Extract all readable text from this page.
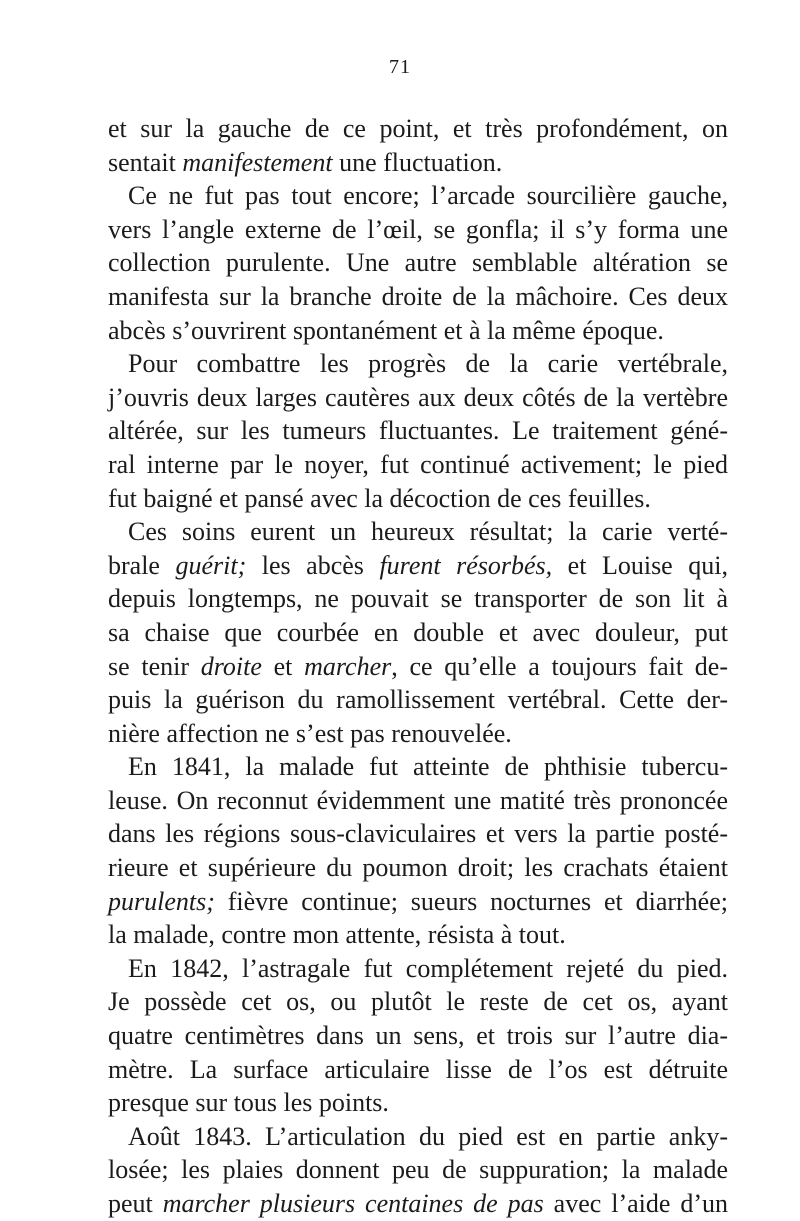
71
et sur la gauche de ce point, et très profondément, on
sentait manifestement une fluctuation.
Ce ne fut pas tout encore; l’arcade sourcilière gauche,
vers l’angle externe de l’œil, se gonfla; il s’y forma une
collection purulente. Une autre semblable altération se
manifesta sur la branche droite de la mâchoire. Ces deux
abcès s’ouvrirent spontanément et à la même époque.
Pour combattre les progrès de la carie vertébrale,
j’ouvris deux larges cautères aux deux côtés de la vertèbre
altérée, sur les tumeurs fluctuantes. Le traitement géné-
ral interne par le noyer, fut continué activement; le pied
fut baigné et pansé avec la décoction de ces feuilles.
Ces soins eurent un heureux résultat; la carie verté-
brale guérit; les abcès furent résorbés, et Louise qui,
depuis longtemps, ne pouvait se transporter de son lit à
sa chaise que courbée en double et avec douleur, put
se tenir droite et marcher, ce qu’elle a toujours fait de-
puis la guérison du ramollissement vertébral. Cette der-
nière affection ne s’est pas renouvelée.
En 1841, la malade fut atteinte de phthisie tubercu-
leuse. On reconnut évidemment une matité très prononcée
dans les régions sous-claviculaires et vers la partie posté-
rieure et supérieure du poumon droit; les crachats étaient
purulents; fièvre continue; sueurs nocturnes et diarrhée;
la malade, contre mon attente, résista à tout.
En 1842, l’astragale fut complétement rejeté du pied.
Je possède cet os, ou plutôt le reste de cet os, ayant
quatre centimètres dans un sens, et trois sur l’autre dia-
mètre. La surface articulaire lisse de l’os est détruite
presque sur tous les points.
Août 1843. L’articulation du pied est en partie anky-
losée; les plaies donnent peu de suppuration; la malade
peut marcher plusieurs centaines de pas avec l’aide d’un
